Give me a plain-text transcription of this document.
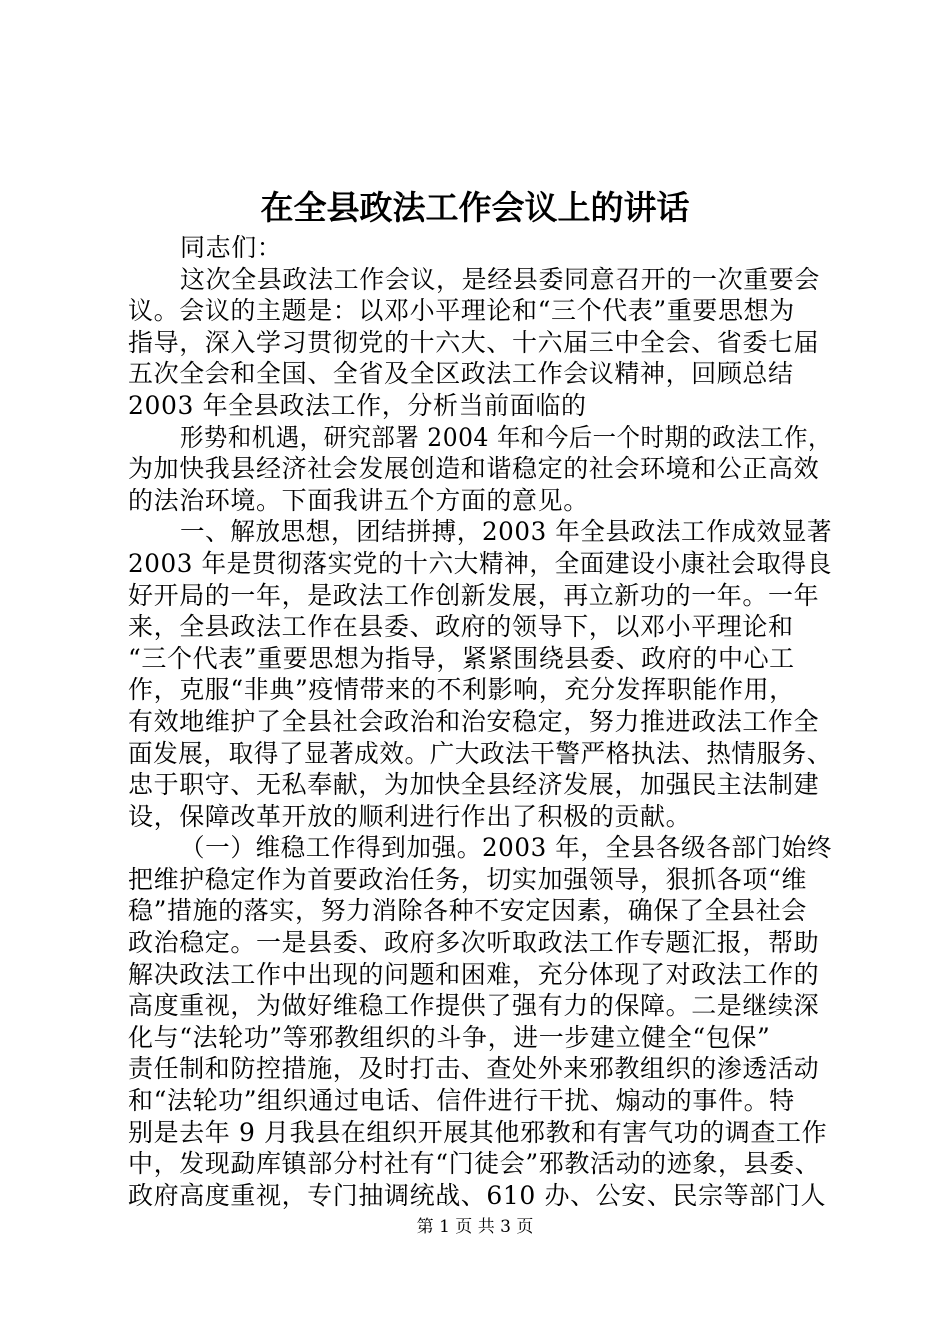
在全县政法工作会议上的讲话
同志们：
这次全县政法工作会议，是经县委同意召开的一次重要会
议。会议的主题是：以邓小平理论和“三个代表”重要思想为
指导，深入学习贯彻党的十六大、十六届三中全会、省委七届
五次全会和全国、全省及全区政法工作会议精神，回顾总结
2003 年全县政法工作，分析当前面临的
形势和机遇，研究部署 2004 年和今后一个时期的政法工作，
为加快我县经济社会发展创造和谐稳定的社会环境和公正高效
的法治环境。下面我讲五个方面的意见。
一、解放思想，团结拼搏，2003 年全县政法工作成效显著
2003 年是贯彻落实党的十六大精神，全面建设小康社会取得良
好开局的一年，是政法工作创新发展，再立新功的一年。一年
来，全县政法工作在县委、政府的领导下，以邓小平理论和
“三个代表”重要思想为指导，紧紧围绕县委、政府的中心工
作，克服“非典”疫情带来的不利影响，充分发挥职能作用，
有效地维护了全县社会政治和治安稳定，努力推进政法工作全
面发展，取得了显著成效。广大政法干警严格执法、热情服务、
忠于职守、无私奉献，为加快全县经济发展，加强民主法制建
设，保障改革开放的顺利进行作出了积极的贡献。
（一）维稳工作得到加强。2003 年，全县各级各部门始终
把维护稳定作为首要政治任务，切实加强领导，狠抓各项“维
稳”措施的落实，努力消除各种不安定因素，确保了全县社会
政治稳定。一是县委、政府多次听取政法工作专题汇报，帮助
解决政法工作中出现的问题和困难，充分体现了对政法工作的
高度重视，为做好维稳工作提供了强有力的保障。二是继续深
化与“法轮功”等邪教组织的斗争，进一步建立健全“包保”
责任制和防控措施，及时打击、查处外来邪教组织的渗透活动
和“法轮功”组织通过电话、信件进行干扰、煽动的事件。特
别是去年 9 月我县在组织开展其他邪教和有害气功的调查工作
中，发现勐库镇部分村社有“门徒会”邪教活动的迹象，县委、
政府高度重视，专门抽调统战、610 办、公安、民宗等部门人
第 1 页 共 3 页
